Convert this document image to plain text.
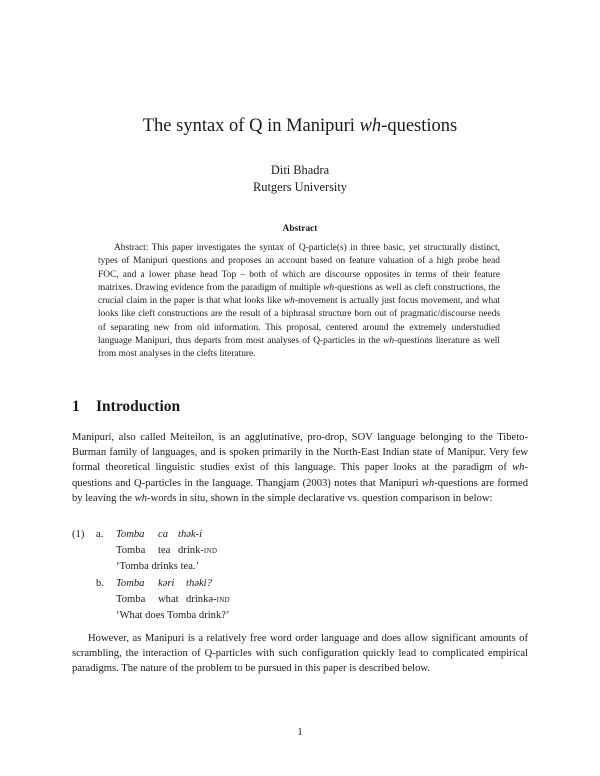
The syntax of Q in Manipuri wh-questions
Diti Bhadra
Rutgers University
Abstract
Abstract: This paper investigates the syntax of Q-particle(s) in three basic, yet structurally distinct, types of Manipuri questions and proposes an account based on feature valuation of a high probe head FOC, and a lower phase head Top – both of which are discourse opposites in terms of their feature matrixes. Drawing evidence from the paradigm of multiple wh-questions as well as cleft constructions, the crucial claim in the paper is that what looks like wh-movement is actually just focus movement, and what looks like cleft constructions are the result of a biphrasal structure born out of pragmatic/discourse needs of separating new from old information. This proposal, centered around the extremely understudied language Manipuri, thus departs from most analyses of Q-particles in the wh-questions literature as well from most analyses in the clefts literature.
1 Introduction
Manipuri, also called Meiteilon, is an agglutinative, pro-drop, SOV language belonging to the Tibeto-Burman family of languages, and is spoken primarily in the North-East Indian state of Manipur. Very few formal theoretical linguistic studies exist of this language. This paper looks at the paradigm of wh-questions and Q-particles in the language. Thangjam (2003) notes that Manipuri wh-questions are formed by leaving the wh-words in situ, shown in the simple declarative vs. question comparison in below:
(1) a. Tomba ca thək-i
Tomba tea drink-ind
‘Tomba drinks tea.’
b. Tomba kəri thəki?
Tomba what drinkə-ind
‘What does Tomba drink?’
However, as Manipuri is a relatively free word order language and does allow significant amounts of scrambling, the interaction of Q-particles with such configuration quickly lead to complicated empirical paradigms. The nature of the problem to be pursued in this paper is described below.
1
